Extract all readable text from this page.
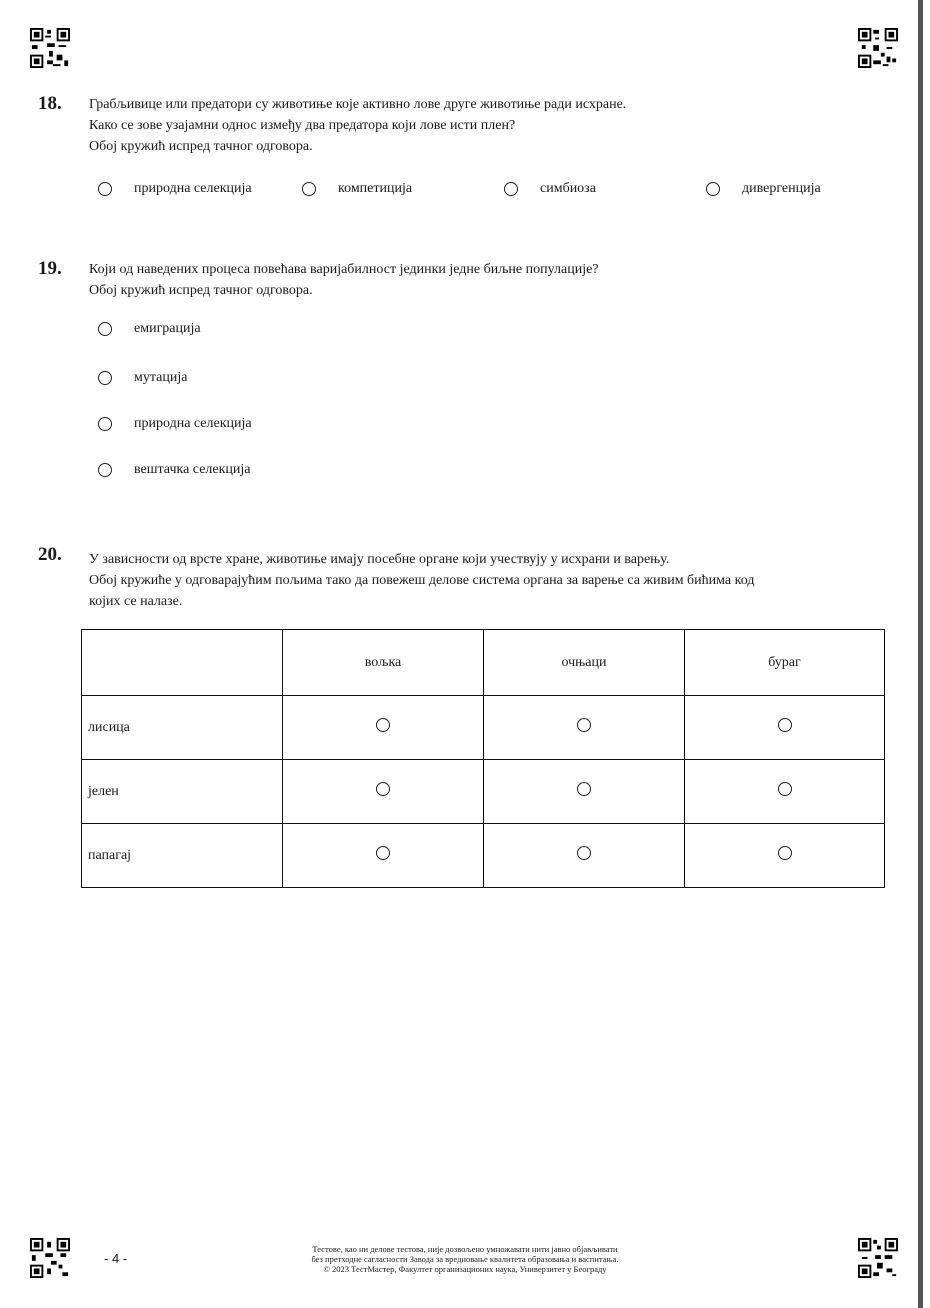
18. Грабљивице или предатори су животиње које активно лове друге животиње ради исхране.
Како се зове узајамни однос између два предатора који лове исти плен?
Обој кружић испред тачног одговора.
природна селекција	компетиција	симбиоза	дивергенција
19. Који од наведених процеса повећава варијабилност јединки једне биљне популације?
Обој кружић испред тачног одговора.
емиграција
мутација
природна селекција
вештачка селекција
20. У зависности од врсте хране, животиње имају посебне органе који учествују у исхрани и варењу.
Обој кружиће у одговарајућим пољима тако да повежеш делове система органа за варење са живим бићима код
којих се налазе.
	вољка	очњаци	бураг
лисица			
јелен			
папагај			
- 4 -
Тестове, као ни делове тестова, није дозвољено умножавати нити јавно објављивати
без претходне сагласности Завода за вредновање квалитета образовања и васпитања.
© 2023 ТестМастер, Факултет организационих наука, Универзитет у Београду
